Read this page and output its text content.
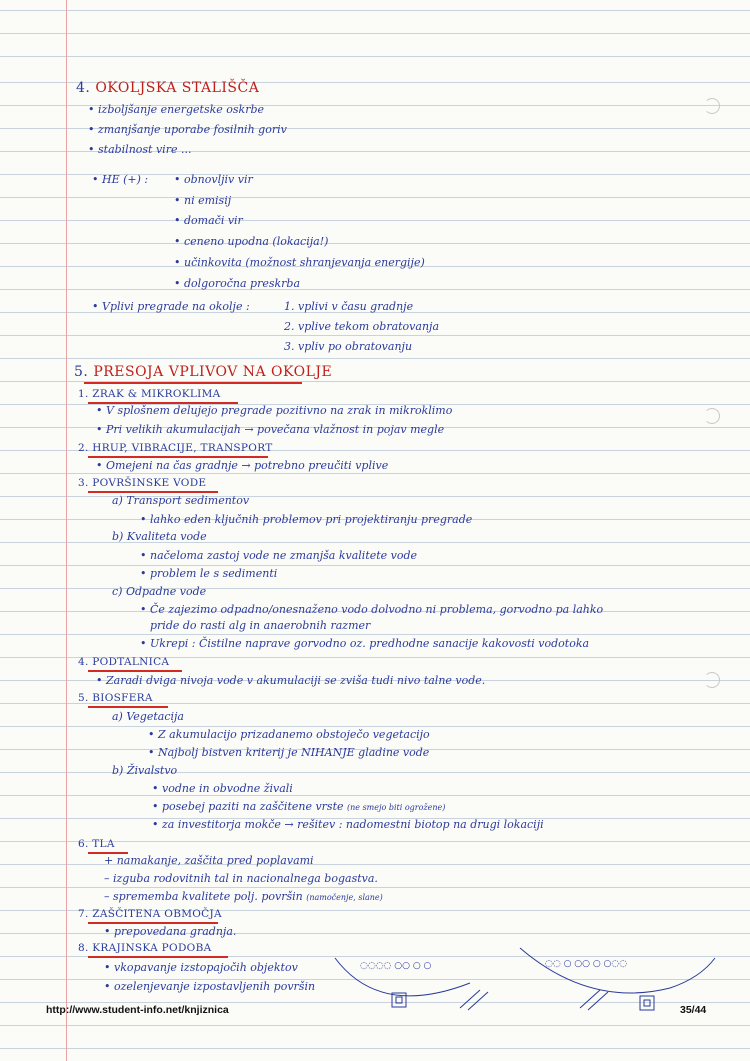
4. OKOLJSKA STALIŠČA
• izboljšanje energetske oskrbe
• zmanjšanje uporabe fosilnih goriv
• stabilnost vire ...
• HE (+) : • obnovljiv vir
• ni emisij
• domači vir
• ceneno upodna (lokacija!)
• učinkovita (možnost shranjevanja energije)
• dolgoročna preskrba
• Vplivi pregrade na okolje :	1. vplivi v času gradnje
2. vplive tekom obratovanja
3. vpliv po obratovanju
5. PRESOJA VPLIVOV NA OKOLJE
1. ZRAK & MIKROKLIMA
• V splošnem delujejo pregrade pozitivno na zrak in mikroklimo
• Pri velikih akumulacijah → povečana vlažnost in pojav megle
2. HRUP, VIBRACIJE, TRANSPORT
• Omejeni na čas gradnje → potrebno preučiti vplive
3. POVRŠINSKE VODE
a) Transport sedimentov
• lahko eden ključnih problemov pri projektiranju pregrade
b) Kvaliteta vode
• načeloma zastoj vode ne zmanjša kvalitete vode
• problem le s sedimenti
c) Odpadne vode
• Če zajezimo odpadno/onesnaženo vodo dolvodno ni problema, gorvodno pa lahko
pride do rasti alg in anaerobnih razmer
• Ukrepi : Čistilne naprave gorvodno oz. predhodne sanacije kakovosti vodotoka
4. PODTALNICA
• Zaradi dviga nivoja vode v akumulaciji se zviša tudi nivo talne vode.
5. BIOSFERA
a) Vegetacija
• Z akumulacijo prizadanemo obstoječo vegetacijo
• Najbolj bistven kriterij je NIHANJE gladine vode
b) Živalstvo
• vodne in obvodne živali
• posebej paziti na zaščitene vrste (ne smejo biti ogrožene)
• za investitorja mokče → rešitev : nadomestni biotop na drugi lokaciji
6. TLA
+ namakanje, zaščita pred poplavami
– izguba rodovitnih tal in nacionalnega bogastva.
– sprememba kvalitete polj. površin (namočenje, slane)
7. ZAŠČITENA OBMOČJA
• prepovedana gradnja.
8. KRAJINSKA PODOBA
• vkopavanje izstopajočih objektov
• ozelenjevanje izpostavljenih površin
◌◌◌◌ ○○ ○ ○	◌◌ ○ ○○ ○ ○◌◌
http://www.student-info.net/knjiznica	35/44
